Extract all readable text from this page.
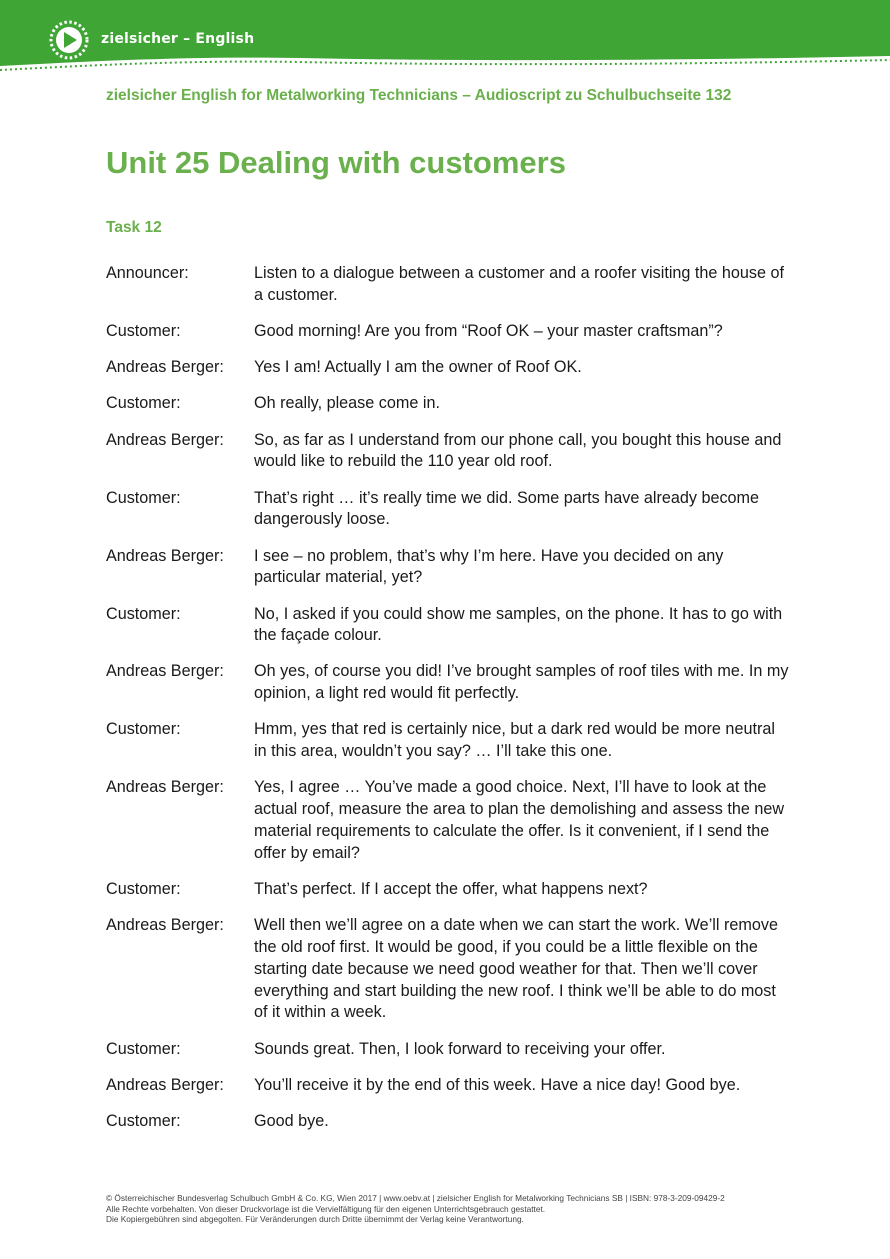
zielsicher – English
zielsicher English for Metalworking Technicians – Audioscript zu Schulbuchseite 132
Unit 25 Dealing with customers
Task 12
Announcer:	Listen to a dialogue between a customer and a roofer visiting the house of a customer.
Customer:	Good morning! Are you from “Roof OK – your master craftsman”?
Andreas Berger:	Yes I am! Actually I am the owner of Roof OK.
Customer:	Oh really, please come in.
Andreas Berger:	So, as far as I understand from our phone call, you bought this house and would like to rebuild the 110 year old roof.
Customer:	That’s right … it’s really time we did. Some parts have already become dangerously loose.
Andreas Berger:	I see – no problem, that’s why I’m here. Have you decided on any particular material, yet?
Customer:	No, I asked if you could show me samples, on the phone. It has to go with the façade colour.
Andreas Berger:	Oh yes, of course you did! I’ve brought samples of roof tiles with me. In my opinion, a light red would fit perfectly.
Customer:	Hmm, yes that red is certainly nice, but a dark red would be more neutral in this area, wouldn’t you say? … I’ll take this one.
Andreas Berger:	Yes, I agree … You’ve made a good choice. Next, I’ll have to look at the actual roof, measure the area to plan the demolishing and assess the new material requirements to calculate the offer. Is it convenient, if I send the offer by email?
Customer:	That’s perfect. If I accept the offer, what happens next?
Andreas Berger:	Well then we’ll agree on a date when we can start the work. We’ll remove the old roof first. It would be good, if you could be a little flexible on the starting date because we need good weather for that. Then we’ll cover everything and start building the new roof. I think we’ll be able to do most of it within a week.
Customer:	Sounds great. Then, I look forward to receiving your offer.
Andreas Berger:	You’ll receive it by the end of this week. Have a nice day! Good bye.
Customer:	Good bye.
© Österreichischer Bundesverlag Schulbuch GmbH & Co. KG, Wien 2017 | www.oebv.at | zielsicher English for Metalworking Technicians SB | ISBN: 978-3-209-09429-2
Alle Rechte vorbehalten. Von dieser Druckvorlage ist die Vervielfältigung für den eigenen Unterrichtsgebrauch gestattet.
Die Kopiergebühren sind abgegolten. Für Veränderungen durch Dritte übernimmt der Verlag keine Verantwortung.
